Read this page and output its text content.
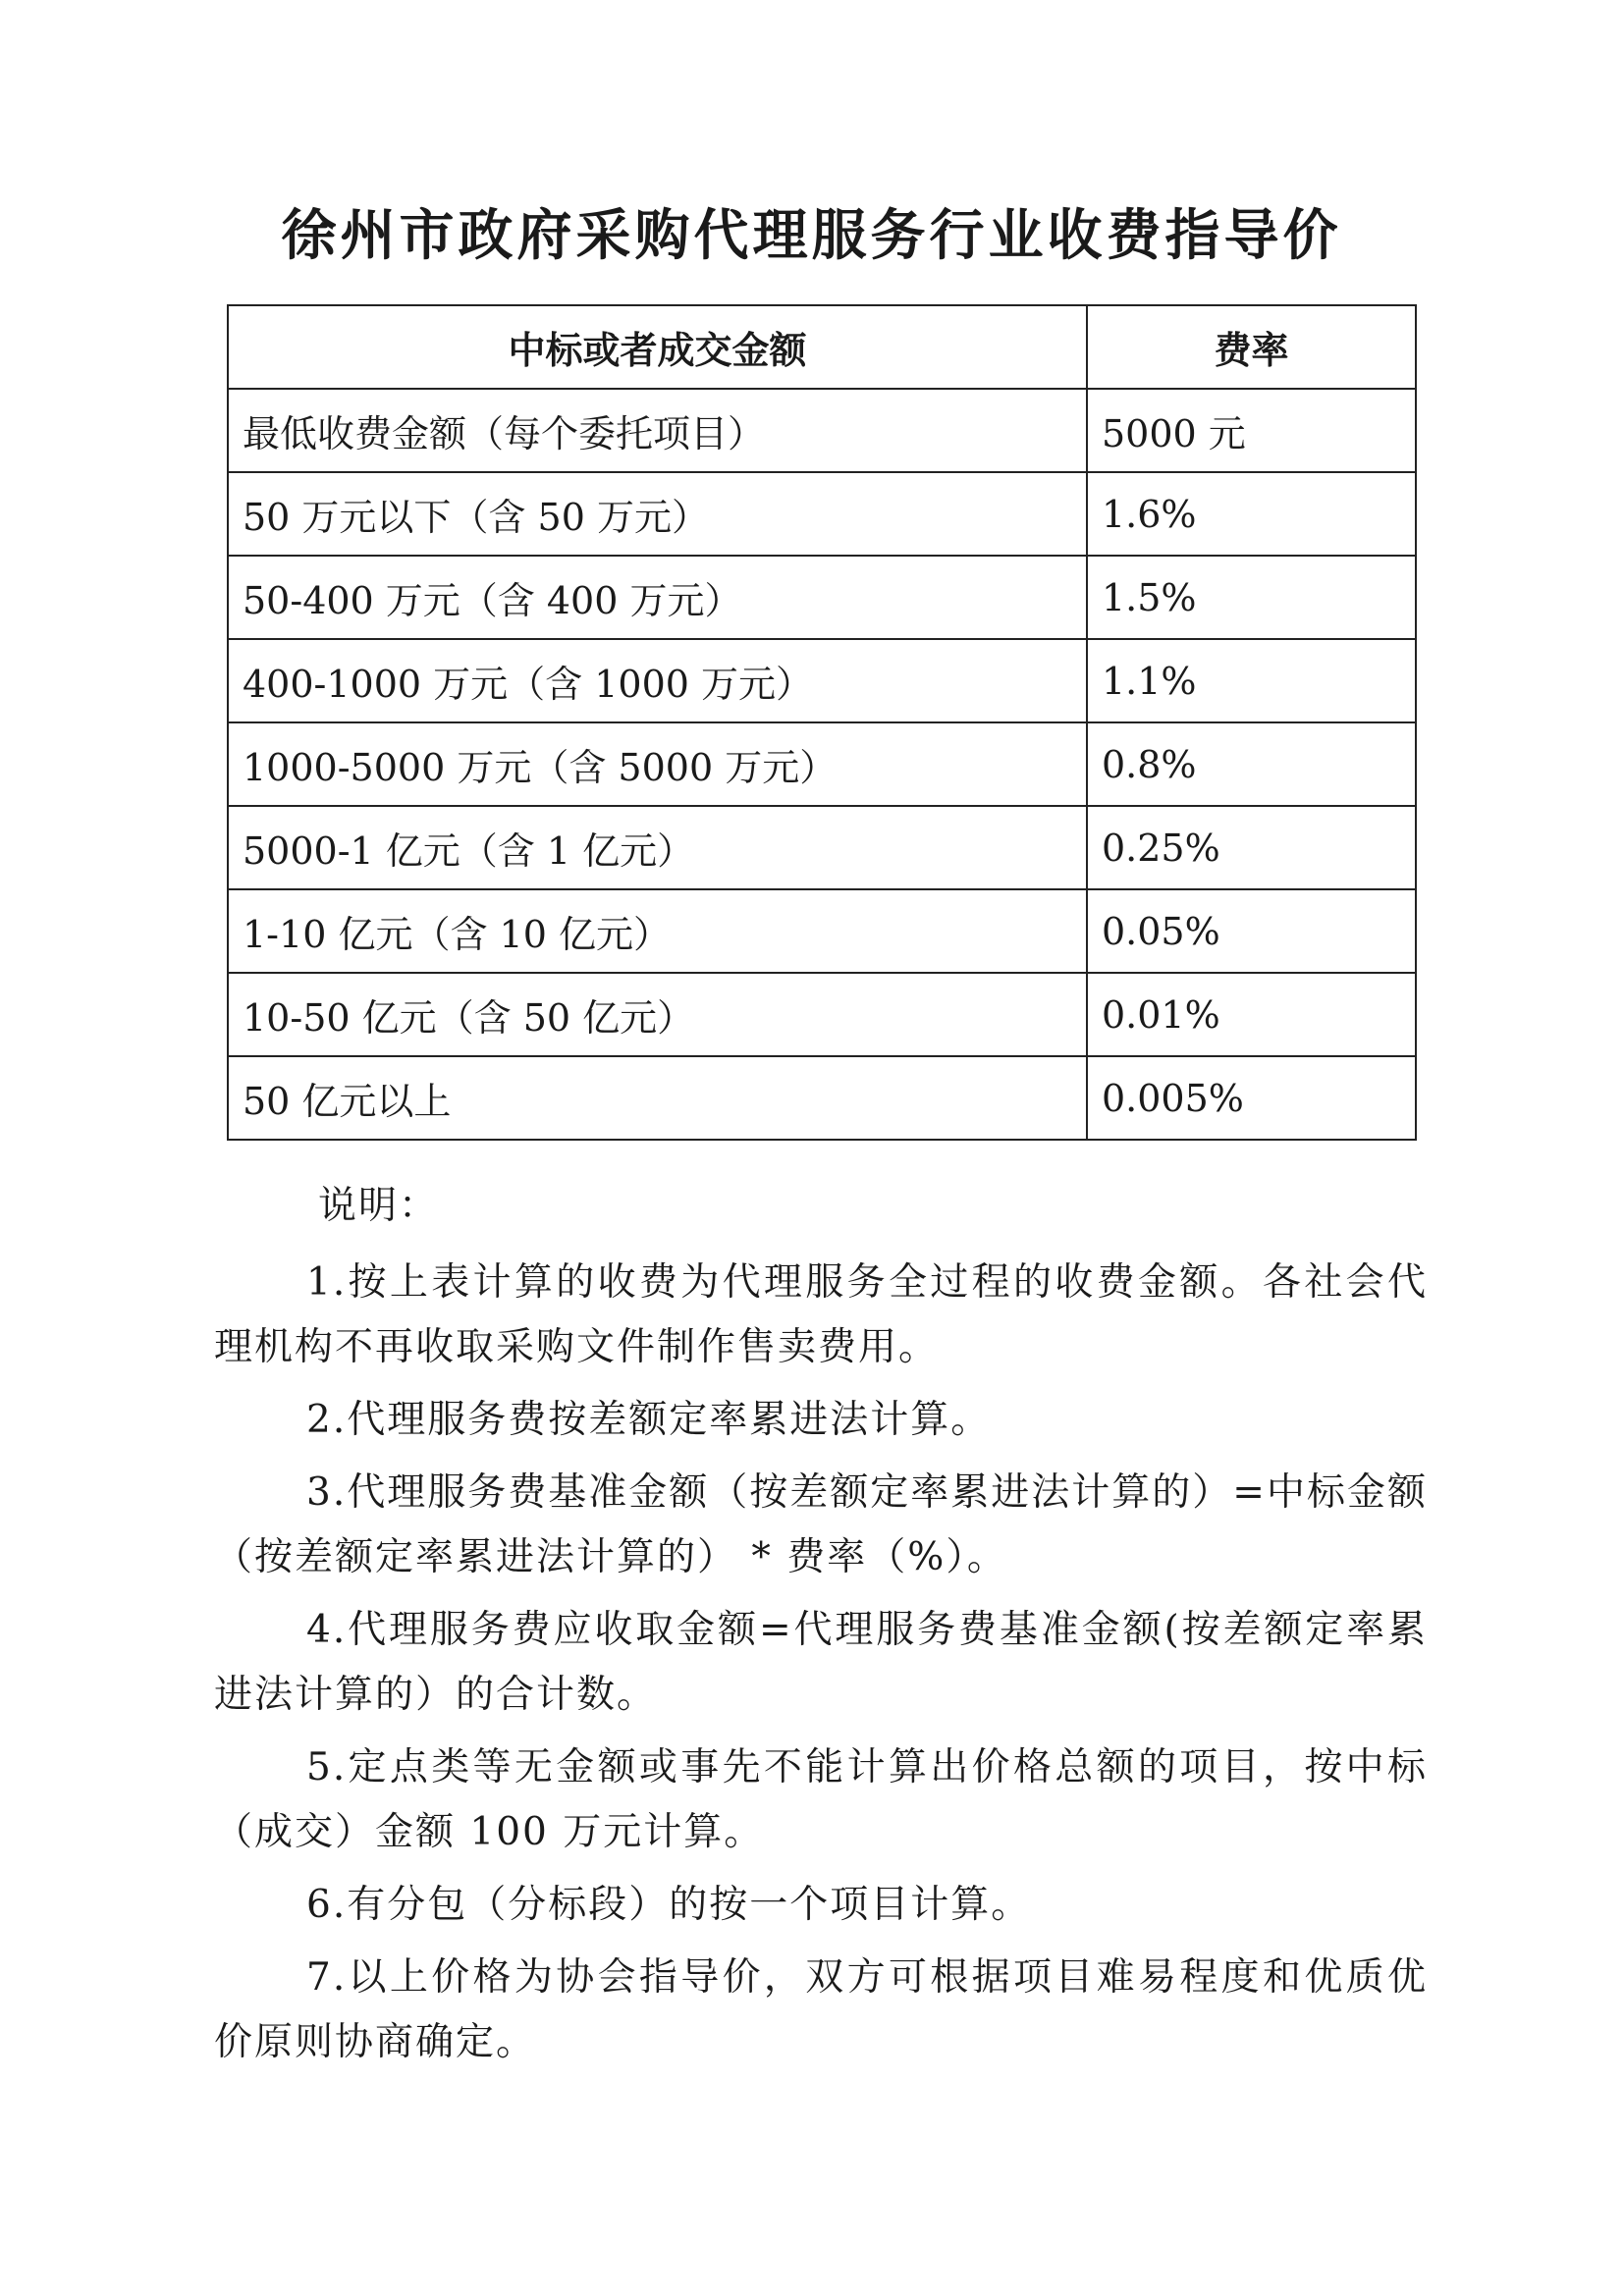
徐州市政府采购代理服务行业收费指导价
中标或者成交金额	费率
最低收费金额（每个委托项目）	5000 元
50 万元以下（含 50 万元）	1.6%
50-400 万元（含 400 万元）	1.5%
400-1000 万元（含 1000 万元）	1.1%
1000-5000 万元（含 5000 万元）	0.8%
5000-1 亿元（含 1 亿元）	0.25%
1-10 亿元（含 10 亿元）	0.05%
10-50 亿元（含 50 亿元）	0.01%
50 亿元以上	0.005%
说明：
1.按上表计算的收费为代理服务全过程的收费金额。各社会代理机构不再收取采购文件制作售卖费用。
2.代理服务费按差额定率累进法计算。
3.代理服务费基准金额（按差额定率累进法计算的）=中标金额（按差额定率累进法计算的） * 费率（%）。
4.代理服务费应收取金额=代理服务费基准金额(按差额定率累进法计算的）的合计数。
5.定点类等无金额或事先不能计算出价格总额的项目，按中标（成交）金额 100 万元计算。
6.有分包（分标段）的按一个项目计算。
7.以上价格为协会指导价，双方可根据项目难易程度和优质优价原则协商确定。
